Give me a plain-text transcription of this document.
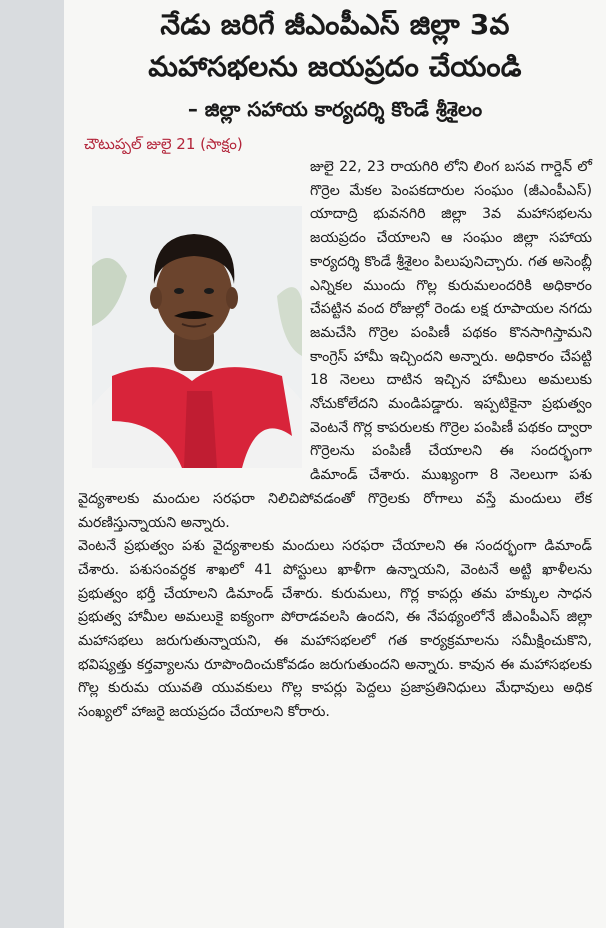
నేడు జరిగే జీఎంపీఎస్ జిల్లా 3వ
మహాసభలను జయప్రదం చేయండి
– జిల్లా సహాయ కార్యదర్శి కొండే శ్రీశైలం
చౌటుప్పల్ జులై 21 (సాక్షం)

జులై 22, 23 రాయగిరి లోని లింగ బసవ గార్డెన్ లో గొర్రెల మేకల పెంపకదారుల సంఘం (జీఎంపీఎస్) యాదాద్రి భువనగిరి జిల్లా 3వ మహాసభలను జయప్రదం చేయాలని ఆ సంఘం జిల్లా సహాయ కార్యదర్శి కొండే శ్రీశైలం పిలుపునిచ్చారు. గత అసెంబ్లీ ఎన్నికల ముందు గొల్ల కురుమలందరికి అధికారం చేపట్టిన వంద రోజుల్లో రెండు లక్ష రూపాయల నగదు జమచేసి గొర్రెల పంపిణీ పథకం కొనసాగిస్తామని కాంగ్రెస్ హామీ ఇచ్చిందని అన్నారు. అధికారం చేపట్టి 18 నెలలు దాటిన ఇచ్చిన హామీలు అమలుకు నోచుకోలేదని మండిపడ్డారు. ఇప్పటికైనా ప్రభుత్వం వెంటనే గొర్ల కాపరులకు గొర్రెల పంపిణీ పథకం ద్వారా గొర్రెలను పంపిణీ చేయాలని ఈ సందర్భంగా డిమాండ్ చేశారు. ముఖ్యంగా 8 నెలలుగా పశు వైద్యశాలకు మందుల సరఫరా నిలిచిపోవడంతో గొర్రెలకు రోగాలు వస్తే మందులు లేక మరణిస్తున్నాయని అన్నారు.

వెంటనే ప్రభుత్వం పశు వైద్యశాలకు మందులు సరఫరా చేయాలని ఈ సందర్భంగా డిమాండ్ చేశారు. పశుసంవర్ధక శాఖలో 41 పోస్టులు ఖాళీగా ఉన్నాయని, వెంటనే అట్టి ఖాళీలను ప్రభుత్వం భర్తీ చేయాలని డిమాండ్ చేశారు. కురుమలు, గొర్ల కాపర్లు తమ హక్కుల సాధన ప్రభుత్వ హామీల అమలుకై ఐక్యంగా పోరాడవలసి ఉందని, ఈ నేపథ్యంలోనే జీఎంపీఎస్ జిల్లా మహాసభలు జరుగుతున్నాయని, ఈ మహాసభలలో గత కార్యక్రమాలను సమీక్షించుకొని, భవిష్యత్తు కర్తవ్యాలను రూపొందించుకోవడం జరుగుతుందని అన్నారు. కావున ఈ మహాసభలకు గొల్ల కురుమ యువతి యువకులు గొల్ల కాపర్లు పెద్దలు ప్రజాప్రతినిధులు మేధావులు అధిక సంఖ్యలో హాజరై జయప్రదం చేయాలని కోరారు.
